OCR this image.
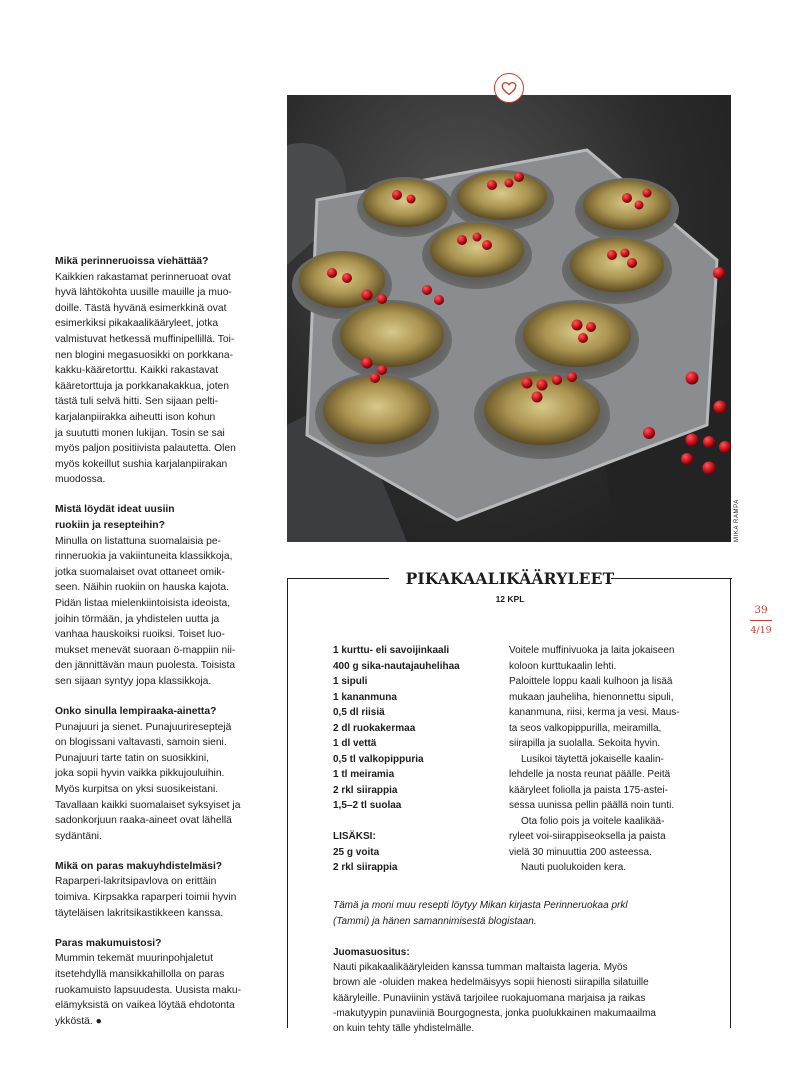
MIKA RAMPA
Mikä perinneruoissa viehättää?
Kaikkien rakastamat perinneruoat ovat
hyvä lähtökohta uusille mauille ja muo-
doille. Tästä hyvänä esimerkkinä ovat
esimerkiksi pikakaalikääryleet, jotka
valmistuvat hetkessä muffinipellillä. Toi-
nen blogini megasuosikki on porkkana-
kakku-kääretorttu. Kaikki rakastavat
kääretorttuja ja porkkanakakkua, joten
tästä tuli selvä hitti. Sen sijaan pelti-
karjalanpiirakka aiheutti ison kohun
ja suututti monen lukijan. Tosin se sai
myös paljon positiivista palautetta. Olen
myös kokeillut sushia karjalanpiirakan
muodossa.
Mistä löydät ideat uusiin
ruokiin ja resepteihin?
Minulla on listattuna suomalaisia pe-
rinneruokia ja vakiintuneita klassikkoja,
jotka suomalaiset ovat ottaneet omik-
seen. Näihin ruokiin on hauska kajota.
Pidän listaa mielenkiintoisista ideoista,
joihin törmään, ja yhdistelen uutta ja
vanhaa hauskoiksi ruoiksi. Toiset luo-
mukset menevät suoraan ö-mappiin nii-
den jännittävän maun puolesta. Toisista
sen sijaan syntyy jopa klassikkoja.
Onko sinulla lempiraaka-ainetta?
Punajuuri ja sienet. Punajuurireseptejä
on blogissani valtavasti, samoin sieni.
Punajuuri tarte tatin on suosikkini,
joka sopii hyvin vaikka pikkujouluihin.
Myös kurpitsa on yksi suosikeistani.
Tavallaan kaikki suomalaiset syksyiset ja
sadonkorjuun raaka-aineet ovat lähellä
sydäntäni.
Mikä on paras makuyhdistelmäsi?
Raparperi-lakritsipavlova on erittäin
toimiva. Kirpsakka raparperi toimii hyvin
täyteläisen lakritsikastikkeen kanssa.
Paras makumuistosi?
Mummin tekemät muurinpohjaletut
itsetehdyllä mansikkahillolla on paras
ruokamuisto lapsuudesta. Uusista maku-
elämyksistä on vaikea löytää ehdotonta
ykköstä. ●
PIKAKAALIKÄÄRYLEET
12 KPL
1 kurttu- eli savoijinkaali
400 g sika-nautajauhelihaa
1 sipuli
1 kananmuna
0,5 dl riisiä
2 dl ruokakermaa
1 dl vettä
0,5 tl valkopippuria
1 tl meiramia
2 rkl siirappia
1,5–2 tl suolaa
LISÄKSI:
25 g voita
2 rkl siirappia
Voitele muffinivuoka ja laita jokaiseen
koloon kurttukaalin lehti.
Paloittele loppu kaali kulhoon ja lisää
mukaan jauheliha, hienonnettu sipuli,
kananmuna, riisi, kerma ja vesi. Maus-
ta seos valkopippurilla, meiramilla,
siirapilla ja suolalla. Sekoita hyvin.
Lusikoi täytettä jokaiselle kaalin-
lehdelle ja nosta reunat päälle. Peitä
kääryleet foliolla ja paista 175-astei-
sessa uunissa pellin päällä noin tunti.
Ota folio pois ja voitele kaalikää-
ryleet voi-siirappiseoksella ja paista
vielä 30 minuuttia 200 asteessa.
Nauti puolukoiden kera.
Tämä ja moni muu resepti löytyy Mikan kirjasta Perinneruokaa prkl
(Tammi) ja hänen samannimisestä blogistaan.
Juomasuositus:
Nauti pikakaalikääryleiden kanssa tumman maltaista lageria. Myös
brown ale -oluiden makea hedelmäisyys sopii hienosti siirapilla silatuille
kääryleille. Punaviinin ystävä tarjoilee ruokajuomana marjaisa ja raikas
-makutyypin punaviiniä Bourgognesta, jonka puolukkainen makumaailma
on kuin tehty tälle yhdistelmälle.
39
4/19
